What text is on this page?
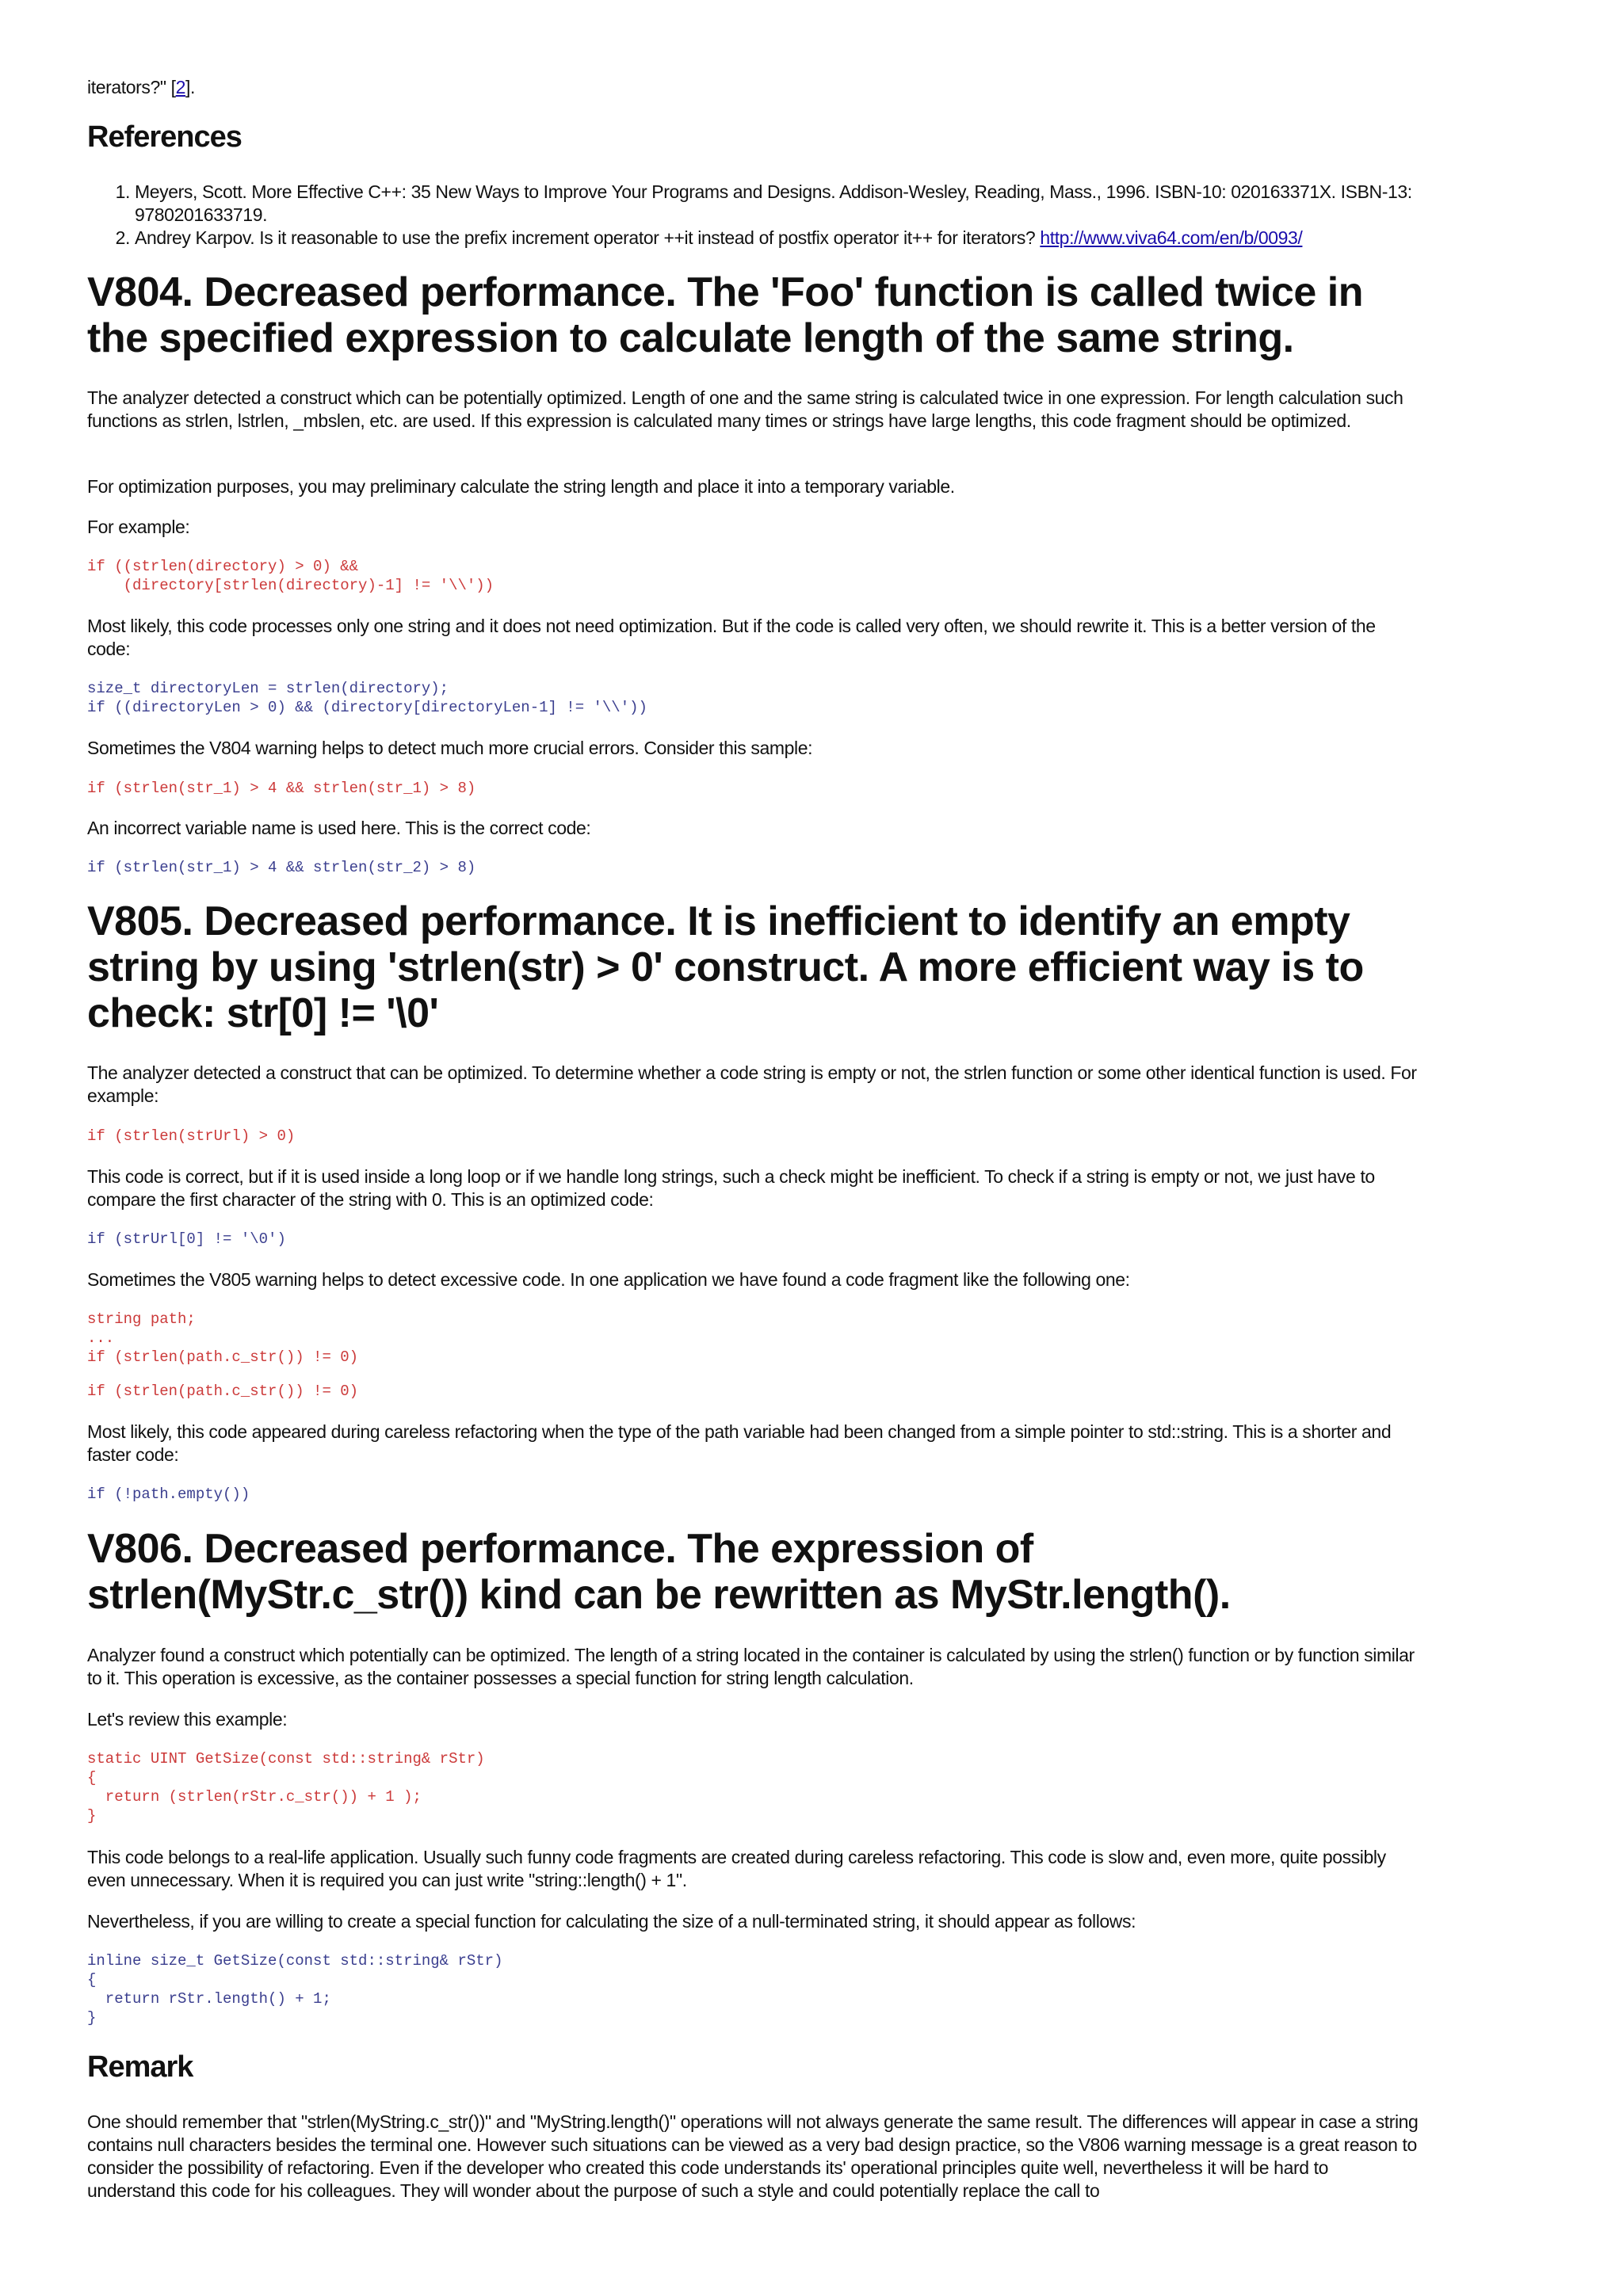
iterators?" [2].

References
1. Meyers, Scott. More Effective C++: 35 New Ways to Improve Your Programs and Designs. Addison-Wesley, Reading, Mass., 1996. ISBN-10: 020163371X. ISBN-13: 9780201633719.
2. Andrey Karpov. Is it reasonable to use the prefix increment operator ++it instead of postfix operator it++ for iterators? http://www.viva64.com/en/b/0093/
V804. Decreased performance. The 'Foo' function is called twice in the specified expression to calculate length of the same string.

The analyzer detected a construct which can be potentially optimized. Length of one and the same string is calculated twice in one expression. For length calculation such functions as strlen, lstrlen, _mbslen, etc. are used. If this expression is calculated many times or strings have large lengths, this code fragment should be optimized.

For optimization purposes, you may preliminary calculate the string length and place it into a temporary variable.

For example:

if ((strlen(directory) > 0) &&
(directory[strlen(directory)-1] != '\\'))

Most likely, this code processes only one string and it does not need optimization. But if the code is called very often, we should rewrite it. This is a better version of the code:

size_t directoryLen = strlen(directory);
if ((directoryLen > 0) && (directory[directoryLen-1] != '\\'))

Sometimes the V804 warning helps to detect much more crucial errors. Consider this sample:

if (strlen(str_1) > 4 && strlen(str_1) > 8)

An incorrect variable name is used here. This is the correct code:

if (strlen(str_1) > 4 && strlen(str_2) > 8)
V805. Decreased performance. It is inefficient to identify an empty string by using 'strlen(str) > 0' construct. A more efficient way is to check: str[0] != '\0'

The analyzer detected a construct that can be optimized. To determine whether a code string is empty or not, the strlen function or some other identical function is used. For example:

if (strlen(strUrl) > 0)

This code is correct, but if it is used inside a long loop or if we handle long strings, such a check might be inefficient. To check if a string is empty or not, we just have to compare the first character of the string with 0. This is an optimized code:

if (strUrl[0] != '\0')

Sometimes the V805 warning helps to detect excessive code. In one application we have found a code fragment like the following one:

string path;
...
if (strlen(path.c_str()) != 0)
if (strlen(path.c_str()) != 0)

Most likely, this code appeared during careless refactoring when the type of the path variable had been changed from a simple pointer to std::string. This is a shorter and faster code:

if (!path.empty())
V806. Decreased performance. The expression of strlen(MyStr.c_str()) kind can be rewritten as MyStr.length().

Analyzer found a construct which potentially can be optimized. The length of a string located in the container is calculated by using the strlen() function or by function similar to it. This operation is excessive, as the container possesses a special function for string length calculation.

Let's review this example:

static UINT GetSize(const std::string& rStr)
{
return (strlen(rStr.c_str()) + 1 );
}

This code belongs to a real-life application. Usually such funny code fragments are created during careless refactoring. This code is slow and, even more, quite possibly even unnecessary. When it is required you can just write "string::length() + 1".

Nevertheless, if you are willing to create a special function for calculating the size of a null-terminated string, it should appear as follows:

inline size_t GetSize(const std::string& rStr)
{
return rStr.length() + 1;
}
Remark

One should remember that "strlen(MyString.c_str())" and "MyString.length()" operations will not always generate the same result. The differences will appear in case a string contains null characters besides the terminal one. However such situations can be viewed as a very bad design practice, so the V806 warning message is a great reason to consider the possibility of refactoring. Even if the developer who created this code understands its' operational principles quite well, nevertheless it will be hard to understand this code for his colleagues. They will wonder about the purpose of such a style and could potentially replace the call to
